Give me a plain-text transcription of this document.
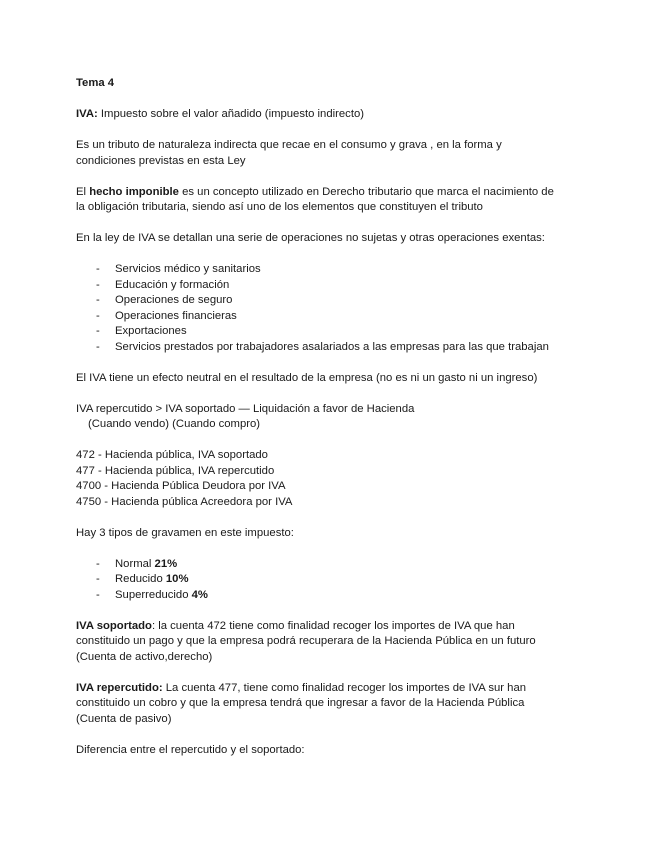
Tema 4

IVA: Impuesto sobre el valor añadido (impuesto indirecto)

Es un tributo de naturaleza indirecta que recae en el consumo y grava , en la forma y
condiciones previstas en esta Ley

El hecho imponible es un concepto utilizado en Derecho tributario que marca el nacimiento de
la obligación tributaria, siendo así uno de los elementos que constituyen el tributo

En la ley de IVA se detallan una serie de operaciones no sujetas y otras operaciones exentas:

- Servicios médico y sanitarios
- Educación y formación
- Operaciones de seguro
- Operaciones financieras
- Exportaciones
- Servicios prestados por trabajadores asalariados a las empresas para las que trabajan

El IVA tiene un efecto neutral en el resultado de la empresa (no es ni un gasto ni un ingreso)

IVA repercutido > IVA soportado — Liquidación a favor de Hacienda
(Cuando vendo) (Cuando compro)

472 - Hacienda pública, IVA soportado
477 - Hacienda pública, IVA repercutido
4700 - Hacienda Pública Deudora por IVA
4750 - Hacienda pública Acreedora por IVA

Hay 3 tipos de gravamen en este impuesto:

- Normal 21%
- Reducido 10%
- Superreducido 4%

IVA soportado: la cuenta 472 tiene como finalidad recoger los importes de IVA que han
constituido un pago y que la empresa podrá recuperara de la Hacienda Pública en un futuro
(Cuenta de activo,derecho)

IVA repercutido: La cuenta 477, tiene como finalidad recoger los importes de IVA sur han
constituido un cobro y que la empresa tendrá que ingresar a favor de la Hacienda Pública
(Cuenta de pasivo)

Diferencia entre el repercutido y el soportado:
